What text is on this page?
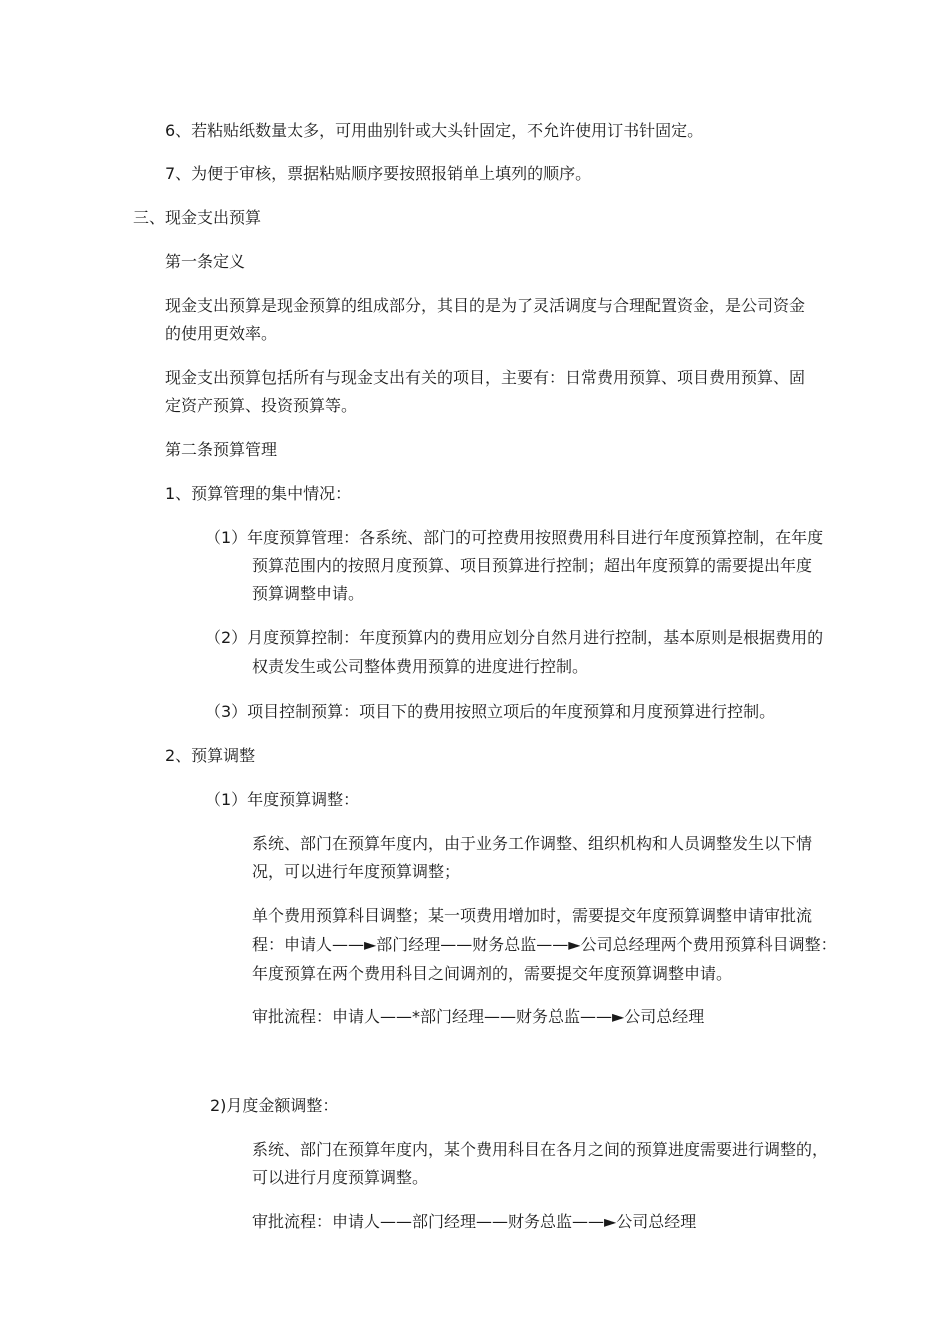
6、若粘贴纸数量太多，可用曲别针或大头针固定，不允许使用订书针固定。
7、为便于审核，票据粘贴顺序要按照报销单上填列的顺序。
三、现金支出预算
第一条定义
现金支出预算是现金预算的组成部分，其目的是为了灵活调度与合理配置资金，是公司资金
的使用更效率。
现金支出预算包括所有与现金支出有关的项目，主要有：日常费用预算、项目费用预算、固
定资产预算、投资预算等。
第二条预算管理
1、预算管理的集中情况：
（1）年度预算管理：各系统、部门的可控费用按照费用科目进行年度预算控制，在年度
预算范围内的按照月度预算、项目预算进行控制；超出年度预算的需要提出年度
预算调整申请。
（2）月度预算控制：年度预算内的费用应划分自然月进行控制，基本原则是根据费用的
权责发生或公司整体费用预算的进度进行控制。
（3）项目控制预算：项目下的费用按照立项后的年度预算和月度预算进行控制。
2、预算调整
（1）年度预算调整：
系统、部门在预算年度内，由于业务工作调整、组织机构和人员调整发生以下情
况，可以进行年度预算调整；
单个费用预算科目调整；某一项费用增加时，需要提交年度预算调整申请审批流
程：申请人——►部门经理——财务总监——►公司总经理两个费用预算科目调整：
年度预算在两个费用科目之间调剂的，需要提交年度预算调整申请。
审批流程：申请人——*部门经理——财务总监——►公司总经理
2)月度金额调整：
系统、部门在预算年度内，某个费用科目在各月之间的预算进度需要进行调整的，
可以进行月度预算调整。
审批流程：申请人——部门经理——财务总监——►公司总经理
